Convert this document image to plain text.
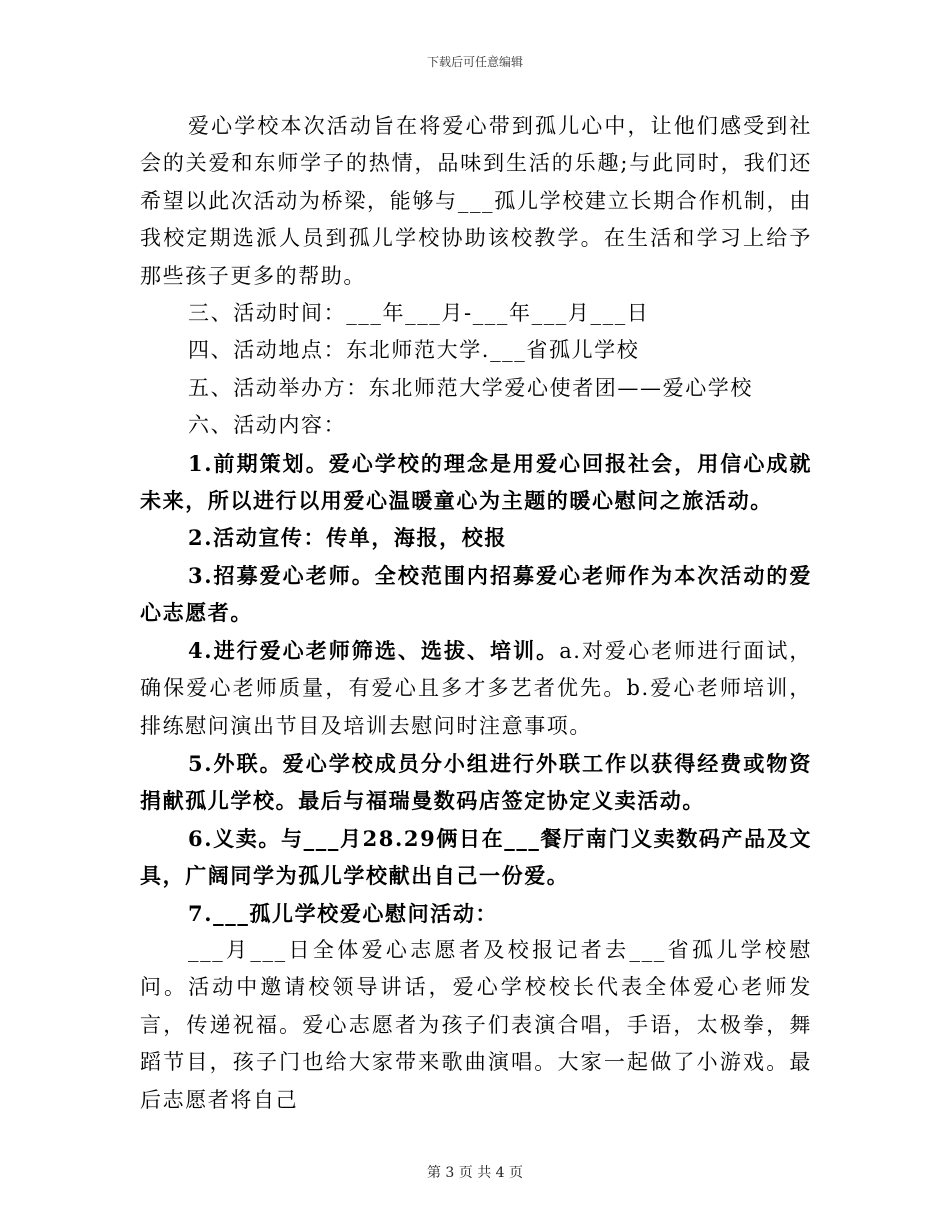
下载后可任意编辑

爱心学校本次活动旨在将爱心带到孤儿心中，让他们感受到社会的关爱和东师学子的热情，品味到生活的乐趣;与此同时，我们还希望以此次活动为桥梁，能够与___孤儿学校建立长期合作机制，由我校定期选派人员到孤儿学校协助该校教学。在生活和学习上给予那些孩子更多的帮助。

三、活动时间：___年___月-___年___月___日

四、活动地点：东北师范大学.___省孤儿学校

五、活动举办方：东北师范大学爱心使者团——爱心学校

六、活动内容：

1.前期策划。爱心学校的理念是用爱心回报社会，用信心成就未来，所以进行以用爱心温暖童心为主题的暖心慰问之旅活动。

2.活动宣传：传单，海报，校报

3.招募爱心老师。全校范围内招募爱心老师作为本次活动的爱心志愿者。

4.进行爱心老师筛选、选拔、培训。a.对爱心老师进行面试，确保爱心老师质量，有爱心且多才多艺者优先。b.爱心老师培训，排练慰问演出节目及培训去慰问时注意事项。

5.外联。爱心学校成员分小组进行外联工作以获得经费或物资捐献孤儿学校。最后与福瑞曼数码店签定协定义卖活动。

6.义卖。与___月28.29俩日在___餐厅南门义卖数码产品及文具，广阔同学为孤儿学校献出自己一份爱。

7.___孤儿学校爱心慰问活动：

___月___日全体爱心志愿者及校报记者去___省孤儿学校慰问。活动中邀请校领导讲话，爱心学校校长代表全体爱心老师发言，传递祝福。爱心志愿者为孩子们表演合唱，手语，太极拳，舞蹈节目，孩子门也给大家带来歌曲演唱。大家一起做了小游戏。最后志愿者将自己

第 3 页 共 4 页
